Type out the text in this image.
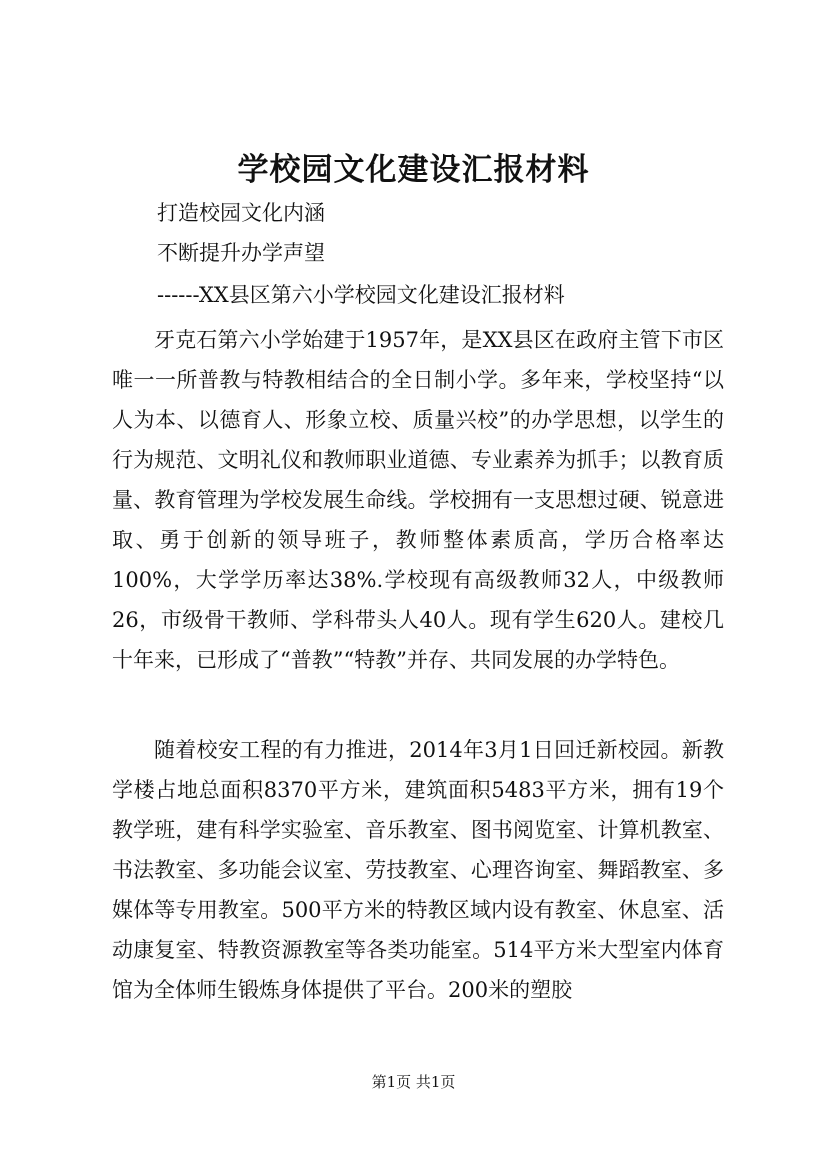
学校园文化建设汇报材料
打造校园文化内涵
不断提升办学声望
------XX县区第六小学校园文化建设汇报材料

牙克石第六小学始建于1957年，是XX县区在政府主管下市区唯一一所普教与特教相结合的全日制小学。多年来，学校坚持“以人为本、以德育人、形象立校、质量兴校”的办学思想，以学生的行为规范、文明礼仪和教师职业道德、专业素养为抓手；以教育质量、教育管理为学校发展生命线。学校拥有一支思想过硬、锐意进取、勇于创新的领导班子，教师整体素质高，学历合格率达100%，大学学历率达38%.学校现有高级教师32人，中级教师26，市级骨干教师、学科带头人40人。现有学生620人。建校几十年来，已形成了“普教”“特教”并存、共同发展的办学特色。

随着校安工程的有力推进，2014年3月1日回迁新校园。新教学楼占地总面积8370平方米，建筑面积5483平方米，拥有19个教学班，建有科学实验室、音乐教室、图书阅览室、计算机教室、书法教室、多功能会议室、劳技教室、心理咨询室、舞蹈教室、多媒体等专用教室。500平方米的特教区域内设有教室、休息室、活动康复室、特教资源教室等各类功能室。514平方米大型室内体育馆为全体师生锻炼身体提供了平台。200米的塑胶

第1页 共1页
